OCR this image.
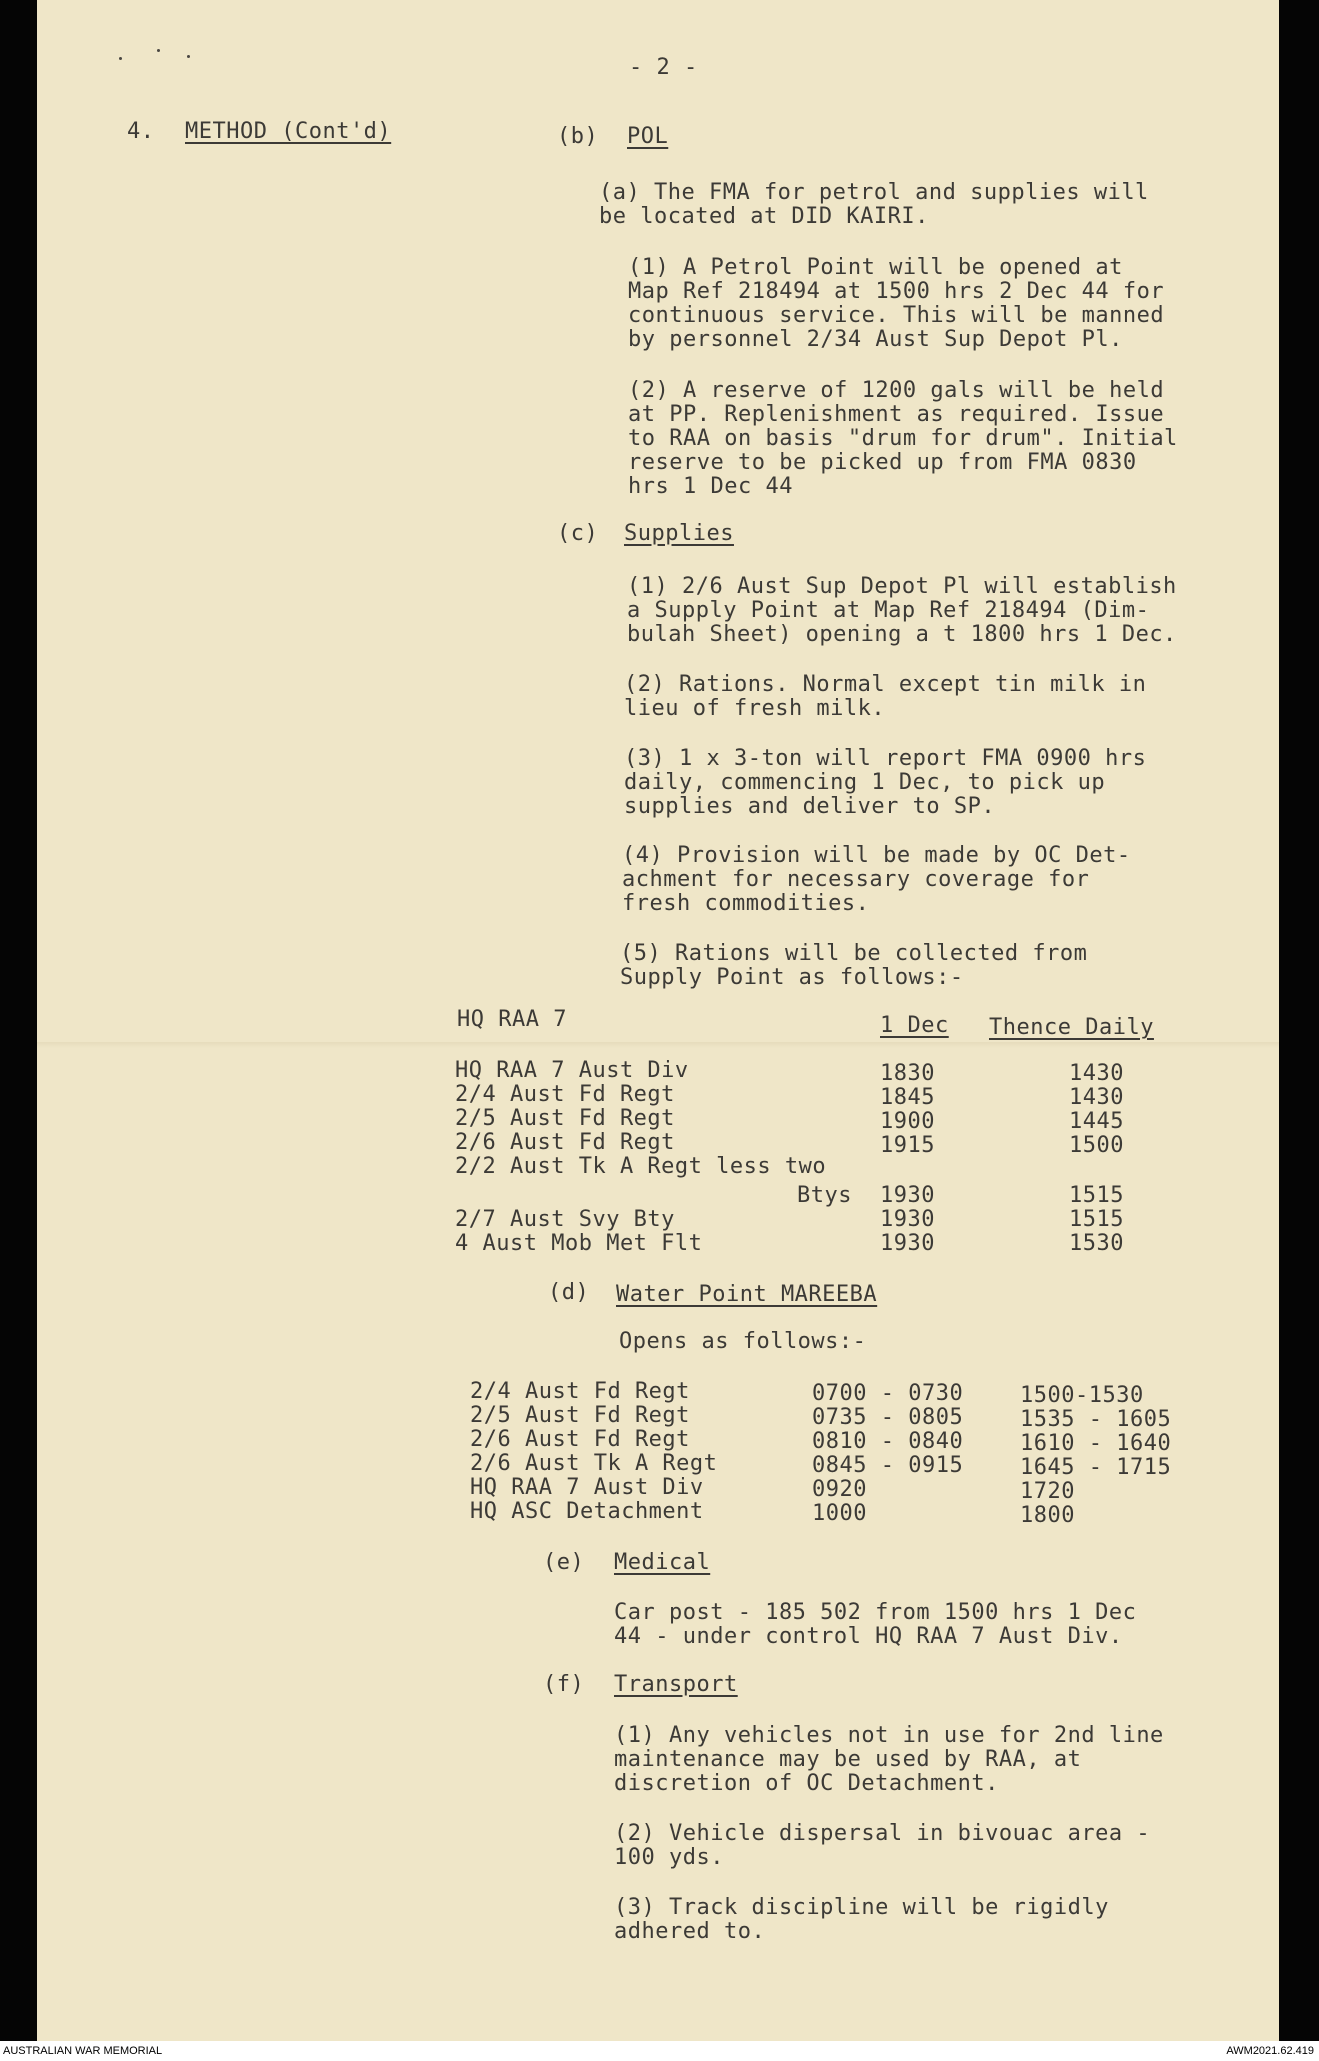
- 2 -
4. METHOD (Cont'd)	(b) POL
(a) The FMA for petrol and supplies will
be located at DID KAIRI.
(1) A Petrol Point will be opened at
Map Ref 218494 at 1500 hrs 2 Dec 44 for
continuous service. This will be manned
by personnel 2/34 Aust Sup Depot Pl.
(2) A reserve of 1200 gals will be held
at PP. Replenishment as required. Issue
to RAA on basis "drum for drum". Initial
reserve to be picked up from FMA 0830
hrs 1 Dec 44
(c) Supplies
(1) 2/6 Aust Sup Depot Pl will establish
a Supply Point at Map Ref 218494 (Dim-
bulah Sheet) opening a t 1800 hrs 1 Dec.
(2) Rations. Normal except tin milk in
lieu of fresh milk.
(3) 1 x 3-ton will report FMA 0900 hrs
daily, commencing 1 Dec, to pick up
supplies and deliver to SP.
(4) Provision will be made by OC Det-
achment for necessary coverage for
fresh commodities.
(5) Rations will be collected from
Supply Point as follows:-
HQ RAA 7	1 Dec Thence Daily
HQ RAA 7 Aust Div	1830	1430
2/4 Aust Fd Regt	1845	1430
2/5 Aust Fd Regt	1900	1445
2/6 Aust Fd Regt	1915	1500
2/2 Aust Tk A Regt less two
Btys 1930	1515
2/7 Aust Svy Bty	1930	1515
4 Aust Mob Met Flt	1930	1530
(d) Water Point MAREEBA
Opens as follows:-
2/4 Aust Fd Regt	0700 - 0730	1500-1530
2/5 Aust Fd Regt	0735 - 0805	1535 - 1605
2/6 Aust Fd Regt	0810 - 0840	1610 - 1640
2/6 Aust Tk A Regt	0845 - 0915	1645 - 1715
HQ RAA 7 Aust Div	0920	1720
HQ ASC Detachment	1000	1800
(e) Medical
Car post - 185 502 from 1500 hrs 1 Dec
44 - under control HQ RAA 7 Aust Div.
(f) Transport
(1) Any vehicles not in use for 2nd line
maintenance may be used by RAA, at
discretion of OC Detachment.
(2) Vehicle dispersal in bivouac area -
100 yds.
(3) Track discipline will be rigidly
adhered to.
AUSTRALIAN WAR MEMORIAL	AWM2021.62.419
